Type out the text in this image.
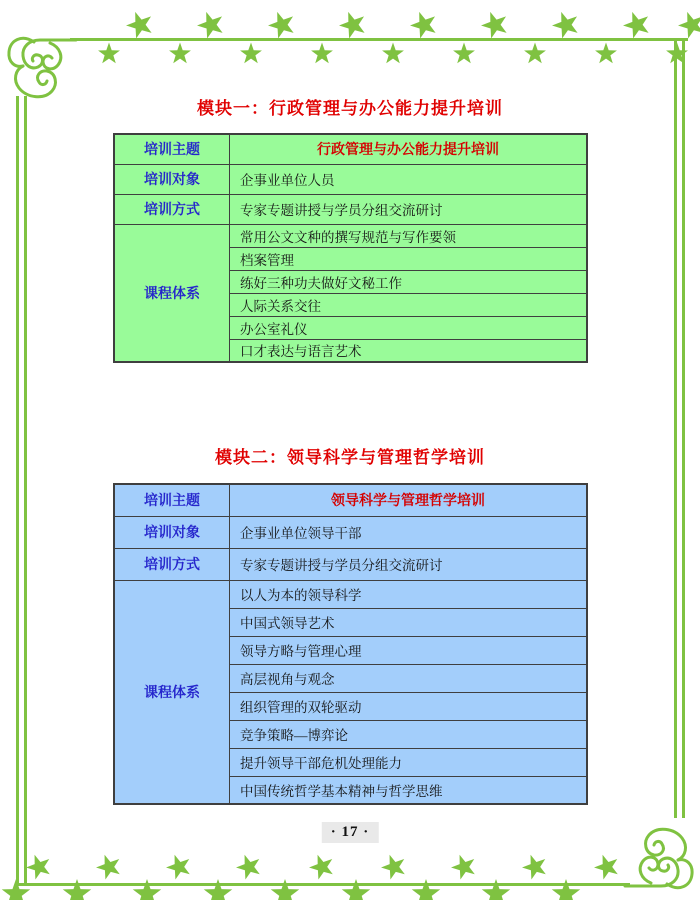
模块一：行政管理与办公能力提升培训
培训主题	行政管理与办公能力提升培训
培训对象	企事业单位人员
培训方式	专家专题讲授与学员分组交流研讨
课程体系	常用公文文种的撰写规范与写作要领
	档案管理
	练好三种功夫做好文秘工作
	人际关系交往
	办公室礼仪
	口才表达与语言艺术
模块二：领导科学与管理哲学培训
培训主题	领导科学与管理哲学培训
培训对象	企事业单位领导干部
培训方式	专家专题讲授与学员分组交流研讨
课程体系	以人为本的领导科学
	中国式领导艺术
	领导方略与管理心理
	高层视角与观念
	组织管理的双轮驱动
	竞争策略—博弈论
	提升领导干部危机处理能力
	中国传统哲学基本精神与哲学思维
· 17 ·
